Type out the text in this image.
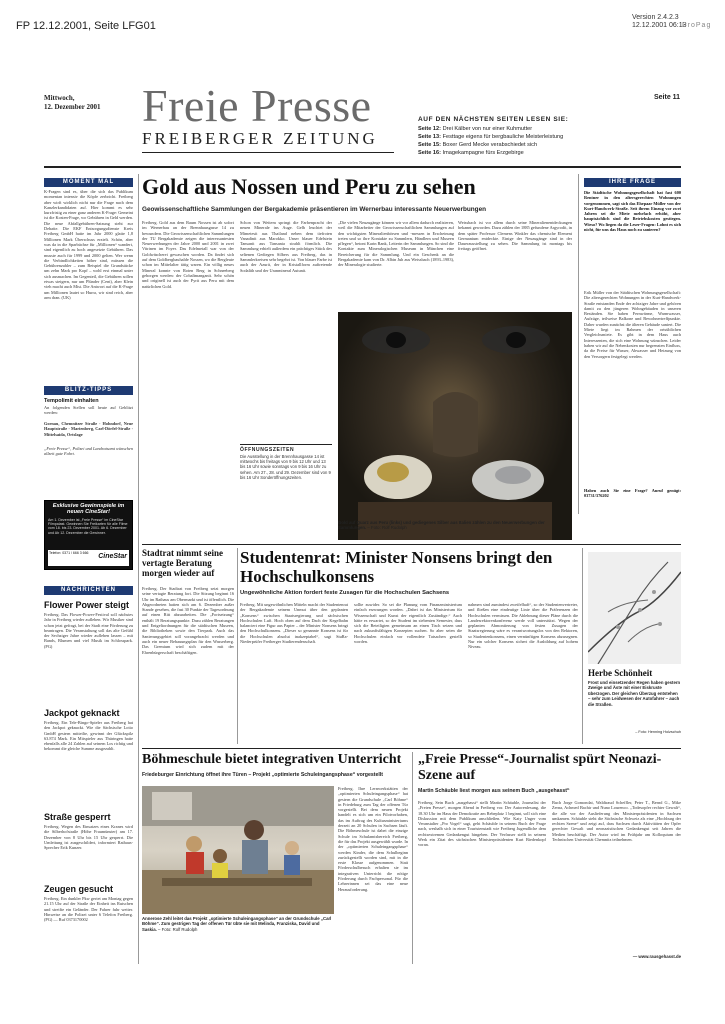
FP 12.12.2001, Seite LFG01
Version 2.4.2.3
12.12.2001 06:13
ProPag
Mittwoch,
12. Dezember 2001 Freie Presse
FREIBERGER ZEITUNG
Seite 11
AUF DEN NÄCHSTEN SEITEN LESEN SIE:
Seite 12: Drei Kälber von nur einer Kuhmutter
Seite 13: Festtage eigens für bergbauliche Meisterleistung
Seite 15: Boxer Gerd Mecke verabschiedet sich
Seite 16: Imagekampagne fürs Erzgebirge
MOMENT MAL
K-Fragen sind es, über die sich das Publikum momentan intensiv die Köpfe zerbricht. Freiberg aber wirft wirklich nicht nur die Frage nach dem Kanzlerkandidaten auf. Hier kommt es sehr kurzfristig zu einer ganz anderen K-Frage: Gemeint ist die Kosten-Frage, wo Gebühren in Geld werden. Die neue Abfallgebühren-Satzung steht zur Debatte. Die EKF Entsorgungsdienste Kreis Freiberg GmbH hatte im Jahr 2000 glatte 1,8 Millionen Mark Überschuss erzielt. Schön, aber was da in die Sparbüchse für „Millionen“ wandert, sind eigentlich zu hoch angesetzte Gebühren. Das musste auch für 1999 und 2000 gelten. Wer wenn die Verbindlichkeiten höher sind, müssen die Gebührenzahler – zum Beispiel die Grundstücke um zehn Mark pro Kopf – wohl erst einmal unter sich ausmachen. Im Gegenteil, die Gebühren sollen etwas steigern, nur um Plünder (Cent), aber Klein vieh macht auch Mist. Die Antwort auf die K-Frage um Millionen lautet so Hurra, wir sind reich, aber arm dran. (UK)
BLITZ-TIPPS
Tempolimit einhalten
An folgenden Stellen soll heute auf Geblitzt werden:
Gornau, Chemnitzer Straße · Hohndorf, Neue Hauptstraße · Marienberg, Carl-Dörfel-Straße · Mittelsaida, Ortslage
„Freie Presse“, Polizei und Landratsamt wünschen allzeit gute Fahrt.
Exklusive Gewinnspiele im neuen CineStar!
Am 1. Dezember ist „Freie Presse“ im CineStar Filmpalast. Gewinnen Sie Freikarten für alle Filme vom 18. bis 23. Dezember 2001. Ab 6. Dezember und Ab 12. Dezember die Gewinner.
Telefon: 0371 / 666 3 666	CineStar
NACHRICHTEN
Flower Power steigt
Freiberg. Das Flower-Power-Festival soll nächstes Jahr in Freiberg wieder aufleben. Wir Musiker sind schon jetzt gefragt, bei der Stadt eine Förderung zu beantragen. Die Veranstaltung soll das alte Gefühl der Sechziger Jahre wieder aufleben lassen – mit Bands, Blumen und viel Musik im Schlosspark. (PG)
Jackpot geknackt
Freiberg. Ein Tele-Bingo-Spieler aus Freiberg hat den Jackpot geknackt. Wie die Sächsische Lotto GmbH gestern mitteilte, gewinnt der Glückspilz 63.874 Mark. Ein Mitspieler aus Thüringen hatte ebenfalls alle 24 Zahlen auf seinem Los richtig und bekommt die gleiche Summe ausgezahlt.
Straße gesperrt
Freiberg. Wegen des Einsatzes eines Kranes wird die Silberhofstraße (Höhe Fraumünster) am 17. Dezember von 8 Uhr bis 15 Uhr gesperrt. Die Umleitung ist ausgeschildert, informiert Rathaus-Sprecher Erik Kunzer.
Zeugen gesucht
Freiberg. Ein dunkler Pkw geriet am Montag gegen 21.15 Uhr auf der Straße der Einheit ins Rutschen und streifte ein Geländer. Der Fahrer fuhr weiter. Hinweise an die Polizei unter 6 Telefon Freiberg. (PG) — Ruf 0373170002
Gold aus Nossen und Peru zu sehen
Geowissenschaftliche Sammlungen der Bergakademie präsentieren im Wernerbau interessante Neuerwerbungen
Freiberg. Gold aus dem Raum Nossen ist ab sofort im Wernerbau an der Brennhausgasse 14 zu bewundern. Die Geowissenschaftlichen Sammlungen der TU Bergakademie zeigen die interessantesten Neuerwerbungen der Jahre 2000 und 2001 in zwei Vitrinen im Foyer. Das Edelmetall war von der Goldwäscherei gewaschen worden. Da findet sich auf dem Goldbergbauhalde Nossen, wo die Bergleute schon im Mittelalter tätig waren. Ein völlig neues Mineral konnte von Roten Berg in Schneeberg geborgen werden: der Cobaltmanganit. Sehr schön und originell ist auch der Pyrit aus Peru mit dem natürlichen Gold.
Schon von Weitem springt die Farbenpracht der neuen Minerale ins Auge. Gelb leuchtet der Mimetesit aus Thailand neben dem tiefroten Vanadinit aus Marokko. Unser blauer Edelstein Tansanit aus Tansania strahlt förmlich. Die Sammlung erhielt außerdem ein prächtiges Stück des seltenen Gediegen Silbers aus Freiberg, das in Sammlerkreisen sehr begehrt ist. Von blauer Farbe ist auch der Azurit, der in Kristallform auftretende Sodalith und der Uranmineral Autunit.
„Die vielen Neuzugänge können wir vor allem dadurch realisieren, weil die Mitarbeiter der Geowissenschaftlichen Sammlungen auf den wichtigsten Mineralienbörsen und -messen in Erscheinung treten und so ihre Kontakte zu Sammlern, Händlern und Museen pflegen“, betont Karin Rank, Leiterin der Sammlungen. So sind die Kontakte zum Mineralogischen Museum in München eine Bereicherung für die Sammlung. Und ein Geschenk an die Bergakademie kam von Dr. Albin Juh aus Weissbach (1893–1983), der Mineralogie studierte.
Weissbach ist vor allem durch seine Mineralienentdeckungen bekannt geworden. Dazu zählen der 1885 gefundene Argyrodit, in dem später Professor Clemens Winkler das chemische Element Germanium entdeckte. Einige der Neuzugänge sind in der Dauerausstellung zu sehen. Die Sammlung ist montags bis freitags geöffnet.
ÖFFNUNGSZEITEN
Die Ausstellung in der Brennhausgasse 14 ist mittwochs bis freitags von 9 bis 12 Uhr und 13 bis 16 Uhr sowie sonntags von 9 bis 16 Uhr zu sehen. Am 27., 28. und 29. Dezember sind von 9 bis 16 Uhr Sonderöffnungszeiten.
Gold auf Quarz aus Peru (links) und gediegenes Silber aus Italien zählen zu den Neuerwerbungen der Sammlungen. – Foto: Rolf Rudolph
IHRE FRAGE
Die Städtische Wohnungsgesellschaft hat fast 600 Rentner in den altersgerechten Wohnungen vorgenommen, sagt sich das Ehepaar Müller von der Kurt-Handwerk-Straße. Seit ihrem Einzug vor zwei Jahren sei die Miete mehrfach erhöht, aber hauptsächlich sind die Betriebskosten gestiegen. Wieso? Wo liegen da die Leser-Fragen: Lohnt es sich nicht, für uns das Haus noch zu sanieren?
Erik Müller von der Städtischen Wohnungsgesellschaft: Die altersgerechten Wohnungen in der Kurt-Handwerk-Straße entstanden Ende der achtziger Jahre und gehören damit zu den jüngeren Wohngebäuden in unseren Beständen. Sie haben Fernwärme, Warmwasser, Aufzüge, teilweise Balkone und Bewohnertreffpunkte. Daher wurden zunächst die älteren Gebäude saniert. Die Miete liegt im Rahmen der ortsüblichen Vergleichsmiete. Es gibt in dem Haus auch Interessenten, die sich eine Wohnung wünschen. Leider haben wir auf die Nebenkosten nur begrenzten Einfluss, da die Preise für Wasser, Abwasser und Heizung von den Versorgern festgelegt werden.
Haben auch Sie eine Frage? Anruf genügt: 03731/376202
Stadtrat nimmt seine vertagte Beratung morgen wieder auf
Freiberg. Der Stadtrat von Freiberg setzt morgen seine vertagte Beratung fort. Die Sitzung beginnt 16 Uhr im Rathaus am Obermarkt und ist öffentlich. Die Abgeordneten hatten sich am 6. Dezember außer Stande gesehen, die fast 30 Punkte der Tagesordnung auf einen Ritt abzuarbeiten. Die „Fortsetzung“ enthält 19 Beratungspunkte. Dazu zählen Beratungen und Entgeltordnungen für die städtischen Museen, die Bibliotheken sowie den Tierpark. Auch das Sanierungsgebiet soll vorangebracht werden und auch ein neuer Bebauungsplan für den Wasserberg. Das Gremium wird sich zudem mit der Ehrenbürgerschaft beschäftigen.
Studentenrat: Minister Nonsens bringt den Hochschulkonsens
Ungewöhnliche Aktion fordert feste Zusagen für die Hochschulen Sachsens
Freiberg. Mit ungewöhnlichen Mitteln macht der Studentenrat der Bergakademie seinem Unmut über den geplanten „Konsens“ zwischen Staatsregierung und sächsischen Hochschulen Luft. Hoch oben auf dem Dach der Kegelbahn balanciert eine Figur aus Papier – der Minister Nonsens bringt den Hochschulkonsens. „Dieser so genannte Konsens ist für die Hochschulen absolut inakzeptabel“, sagt StuRa-Niederprüfer Freiberger Studierendenschaft.
sollte zuwider. So sei die Planung vom Finanzministerium einfach erzwungen worden. „Dabei ist das Ministerium für Wissenschaft und Kunst der eigentlich Zuständige.“ Auch hätte es erwartet, so der Student im siebenten Semester, dass sich die Beteiligten gemeinsam an einen Tisch setzen und nach zukunftsfähigen Konzepten suchen. So aber seien die Hochschulen einfach vor vollendete Tatsachen gestellt worden.
nahmen sind zumindest zweifelhaft“, so der Studentenvertreter, und fließen eine eindeutige Linie über die Präferenzen der Hochschulen vermissen. Die Ablehnung dieser Pläne durch die Landesrektorenkonferenz werde voll unterstützt. Wegen der geplanten Abmontierung von festen Zusagen der Staatsregierung wäre es verantwortungslos von den Rektoren, so Studentenkonsens, einen vernünftigen Konsens abzusegnen. Nur ein solcher Konsens sichert die Ausbildung auf hohem Niveau.
Herbe Schönheit
Frost und einsetzender Regen haben gestern Zweige und Äste mit einer Eiskruste überzogen. Der gleichen Überzug entstehen – sehr zum Leidwesen der Autofahrer – auch die Straßen.
– Foto: Henning Holzschuh
Böhmeschule bietet integrativen Unterricht
Friedeburger Einrichtung öffnet ihre Türen – Projekt „optimierte Schuleingangsphase“ vorgestellt
Annerose Zehl leitet das Projekt „optimierte Schuleingangsphase“ an der Grundschule „Carl Böhme“. Zum gestrigen Tag der offenen Tür übte sie mit Melinda, Franziska, David und Saskia. – Foto: Rolf Rudolph
Freiberg. Ihre Lernwerkstätten der „optimierten Schuleingangsphase“ hat gestern die Grundschule „Carl Böhme“ in Friedeburg zum Tag der offenen Tür vorgestellt. Bei dem neuen Projekt handelt es sich um ein Pilotvorhaben, das im Auftrag des Kultusministeriums derzeit an 20 Schulen in Sachsen läuft. Die Böhmeschule ist dabei die einzige Schule im Schulamtsbereich Freiberg, die für das Projekt ausgewählt wurde. In der „optimierten Schuleingangsphase“ werden Kinder, die dem Schulbeginn zurückgestellt worden sind, mit in die erste Klasse aufgenommen. Statt Förderschulbesuch erhalten sie im integrativen Unterricht die nötige Förderung durch Fachpersonal. Für die Lehrerinnen sei das eine neue Herausforderung.
„Freie Presse“-Journalist spürt Neonazi-Szene auf
Martin Schäuble liest morgen aus seinem Buch „ausgehasst“
Freiberg. Sein Buch „ausgehasst“ stellt Martin Schäuble, Journalist der „Freien Presse“, morgen Abend in Freiberg vor. Der Autorenlesung, die 18.30 Uhr im Haus der Demokratie am Rebeplatz 1 beginnt, soll sich eine Diskussion mit dem Publikum anschließen. Wie Katy Unger vom Veranstalter „Pro Vogel“ sagt, geht Schäuble in seinem Buch der Frage nach, weshalb sich in einer Touristenstadt wie Freiberg Jugendliche dem rechtsextremen Gedankengut hingeben. Der Verfasser stellt in seinem Werk ein Zitat des sächsischen Ministerpräsidenten Kurt Biedenkopf voran.
Buch Jorge Gomondai, Waldtraud Scheffler, Peter T., Bernd G., Mike Zerna, Achmed Bachir und Nuno Lourenco. „Todesopfer rechter Gewalt“, die alle vor der Auslieferung des Ministerpräsidenten in Sachsen umkamen. Schäuble sieht die Sächsische Schweiz als eine „Hochburg der rechten Szene“ und zeigt auf, dass Sachsen durch Aktivitäten der Opfer gerechter Gewalt und neonazistischen Gedankengut seit Jahren die Medien beschäftigt. Der Autor wird im Frühjahr am Kolloquium der Technischen Universität Chemnitz teilnehmen.
— www.rausgehasst.de
